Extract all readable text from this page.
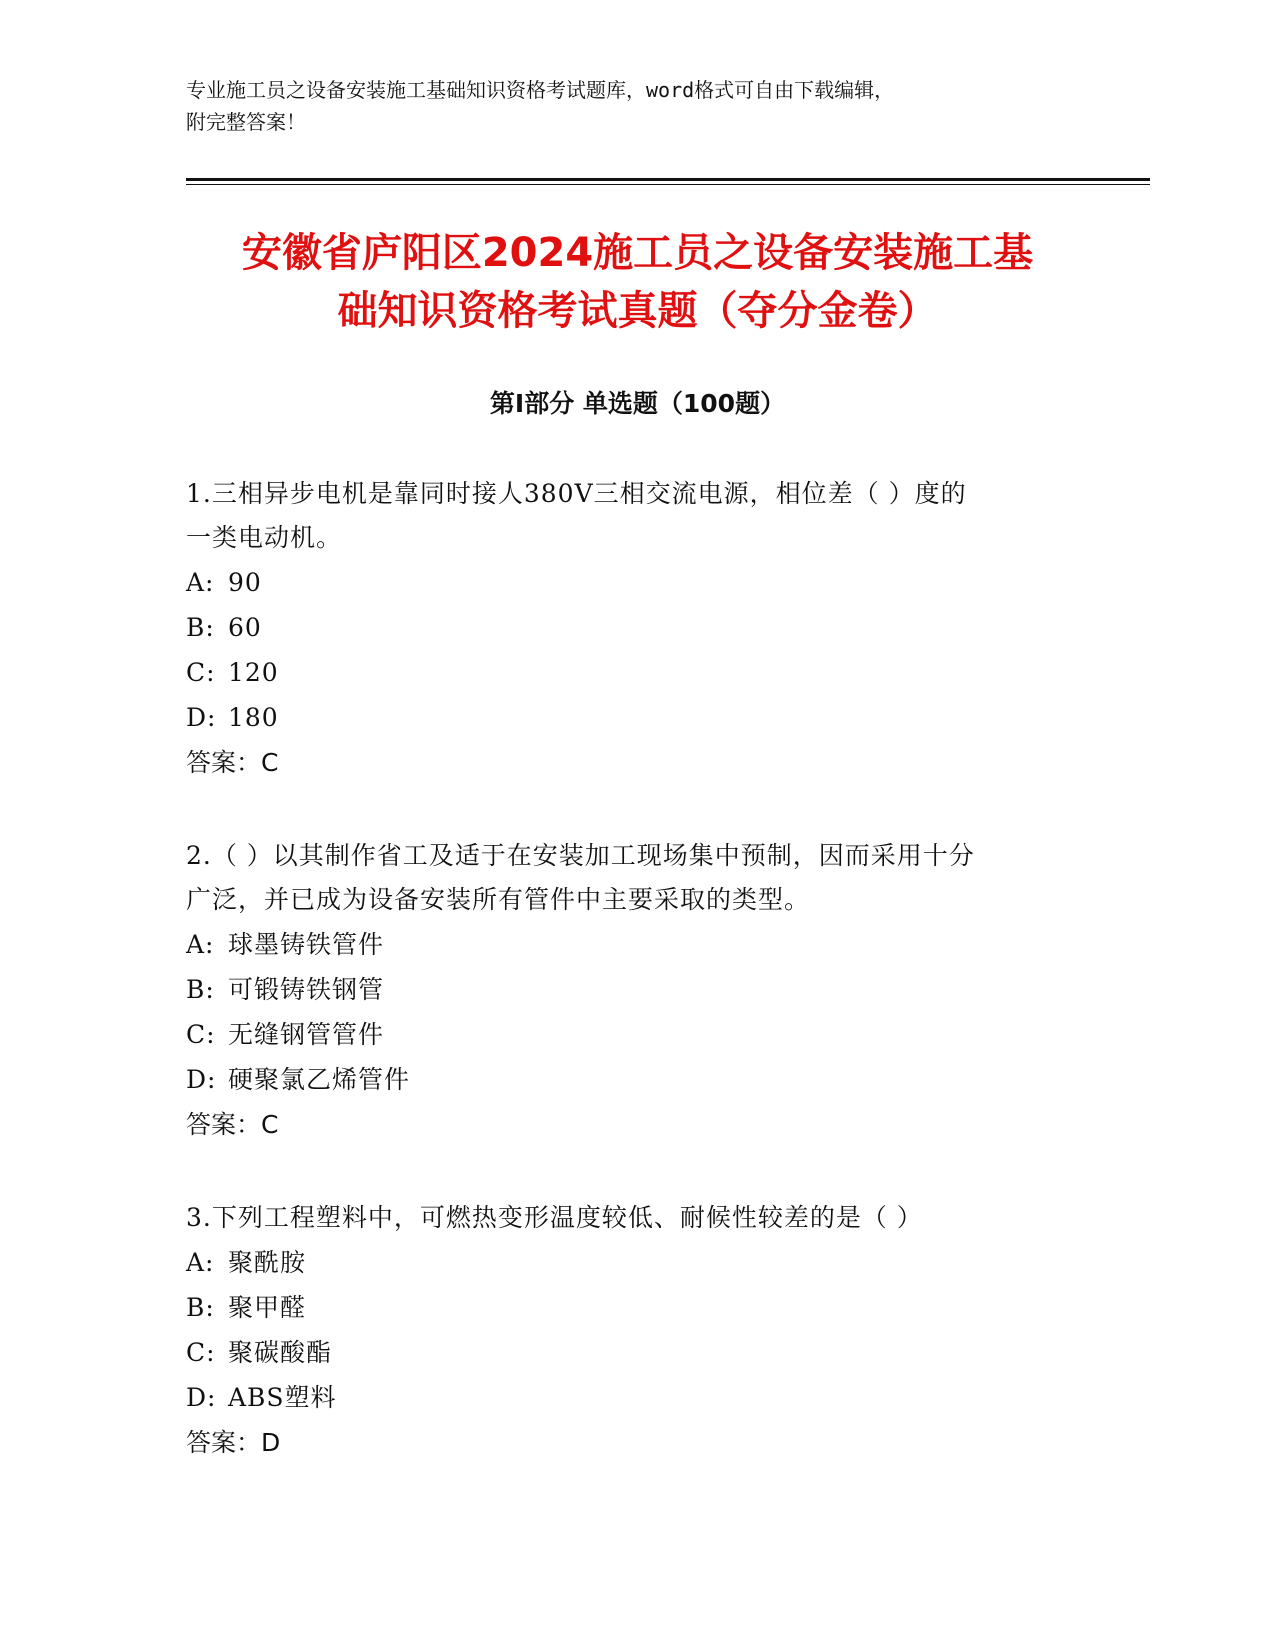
专业施工员之设备安装施工基础知识资格考试题库，word格式可自由下载编辑，
附完整答案！
安徽省庐阳区2024施工员之设备安装施工基
础知识资格考试真题（夺分金卷）
第Ⅰ部分 单选题（100题）
1.三相异步电机是靠同时接人380V三相交流电源，相位差（ ）度的
一类电动机。
A: 90
B: 60
C: 120
D: 180
答案：C
2.（ ）以其制作省工及适于在安装加工现场集中预制，因而采用十分
广泛，并已成为设备安装所有管件中主要采取的类型。
A: 球墨铸铁管件
B: 可锻铸铁钢管
C: 无缝钢管管件
D: 硬聚氯乙烯管件
答案：C
3.下列工程塑料中，可燃热变形温度较低、耐候性较差的是（ ）
A: 聚酰胺
B: 聚甲醛
C: 聚碳酸酯
D: ABS塑料
答案：D
